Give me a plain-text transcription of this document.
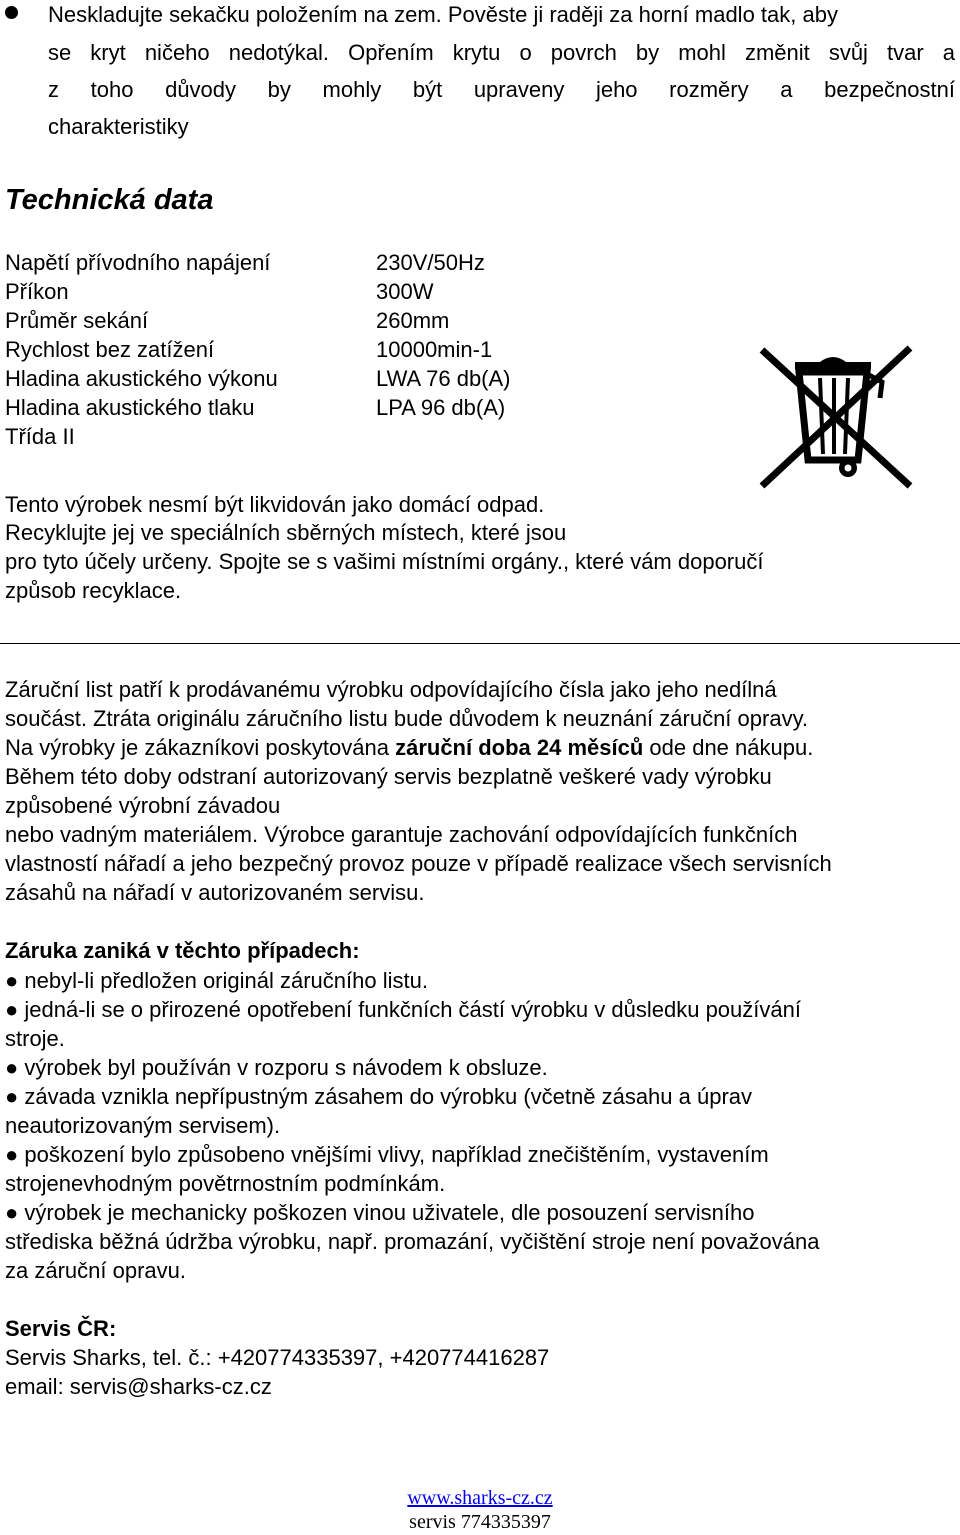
Neskladujte sekačku položením na zem. Pověste ji raději za horní madlo tak, aby
se kryt ničeho nedotýkal. Opřením krytu o povrch by mohl změnit svůj tvar a
z toho důvody by mohly být upraveny jeho rozměry a bezpečnostní
charakteristiky
Technická data
Napětí přívodního napájení	230V/50Hz
Příkon	300W
Průměr sekání	260mm
Rychlost bez zatížení	10000min-1
Hladina akustického výkonu	LWA 76 db(A)
Hladina akustického tlaku	LPA 96 db(A)
Třída II
Tento výrobek nesmí být likvidován jako domácí odpad.
Recyklujte jej ve speciálních sběrných místech, které jsou
pro tyto účely určeny. Spojte se s vašimi místními orgány., které vám doporučí
způsob recyklace.
Záruční list patří k prodávanému výrobku odpovídajícího čísla jako jeho nedílná
součást. Ztráta originálu záručního listu bude důvodem k neuznání záruční opravy.
Na výrobky je zákazníkovi poskytována záruční doba 24 měsíců ode dne nákupu.
Během této doby odstraní autorizovaný servis bezplatně veškeré vady výrobku
způsobené výrobní závadou
nebo vadným materiálem. Výrobce garantuje zachování odpovídajících funkčních
vlastností nářadí a jeho bezpečný provoz pouze v případě realizace všech servisních
zásahů na nářadí v autorizovaném servisu.
Záruka zaniká v těchto případech:
● nebyl-li předložen originál záručního listu.
● jedná-li se o přirozené opotřebení funkčních částí výrobku v důsledku používání
stroje.
● výrobek byl používán v rozporu s návodem k obsluze.
● závada vznikla nepřípustným zásahem do výrobku (včetně zásahu a úprav
neautorizovaným servisem).
● poškození bylo způsobeno vnějšími vlivy, například znečištěním, vystavením
strojenevhodným povětrnostním podmínkám.
● výrobek je mechanicky poškozen vinou uživatele, dle posouzení servisního
střediska běžná údržba výrobku, např. promazání, vyčištění stroje není považována
za záruční opravu.
Servis ČR:
Servis Sharks, tel. č.: +420774335397, +420774416287
email: servis@sharks-cz.cz
www.sharks-cz.cz
servis 774335397
